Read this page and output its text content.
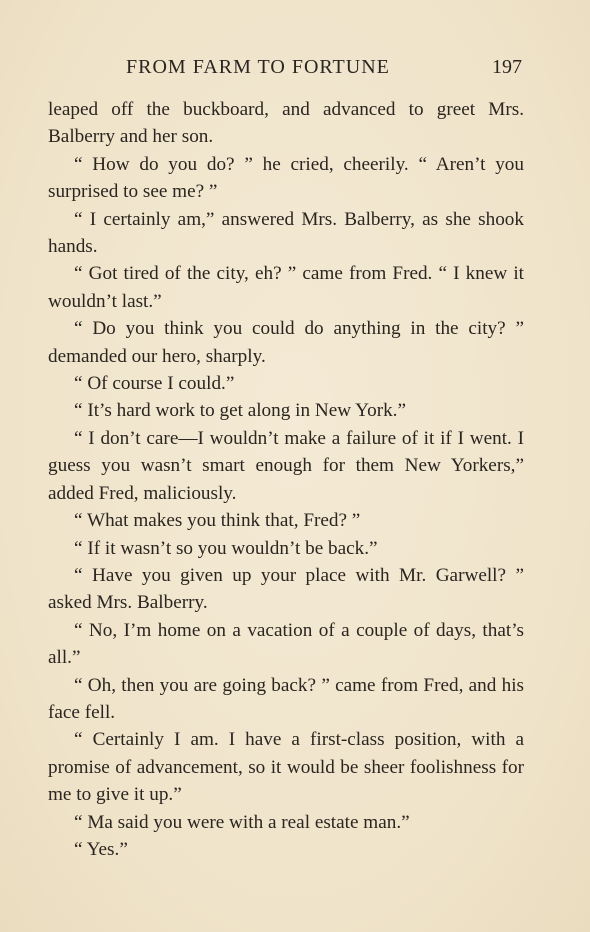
FROM FARM TO FORTUNE	197

leaped off the buckboard, and advanced to greet Mrs. Balberry and her son.

“ How do you do? ” he cried, cheerily. “ Aren’t you surprised to see me? ”

“ I certainly am,” answered Mrs. Balberry, as she shook hands.

“ Got tired of the city, eh? ” came from Fred. “ I knew it wouldn’t last.”

“ Do you think you could do anything in the city? ” demanded our hero, sharply.

“ Of course I could.”

“ It’s hard work to get along in New York.”

“ I don’t care—I wouldn’t make a failure of it if I went. I guess you wasn’t smart enough for them New Yorkers,” added Fred, maliciously.

“ What makes you think that, Fred? ”

“ If it wasn’t so you wouldn’t be back.”

“ Have you given up your place with Mr. Garwell? ” asked Mrs. Balberry.

“ No, I’m home on a vacation of a couple of days, that’s all.”

“ Oh, then you are going back? ” came from Fred, and his face fell.

“ Certainly I am. I have a first-class position, with a promise of advancement, so it would be sheer foolishness for me to give it up.”

“ Ma said you were with a real estate man.”

“ Yes.”
